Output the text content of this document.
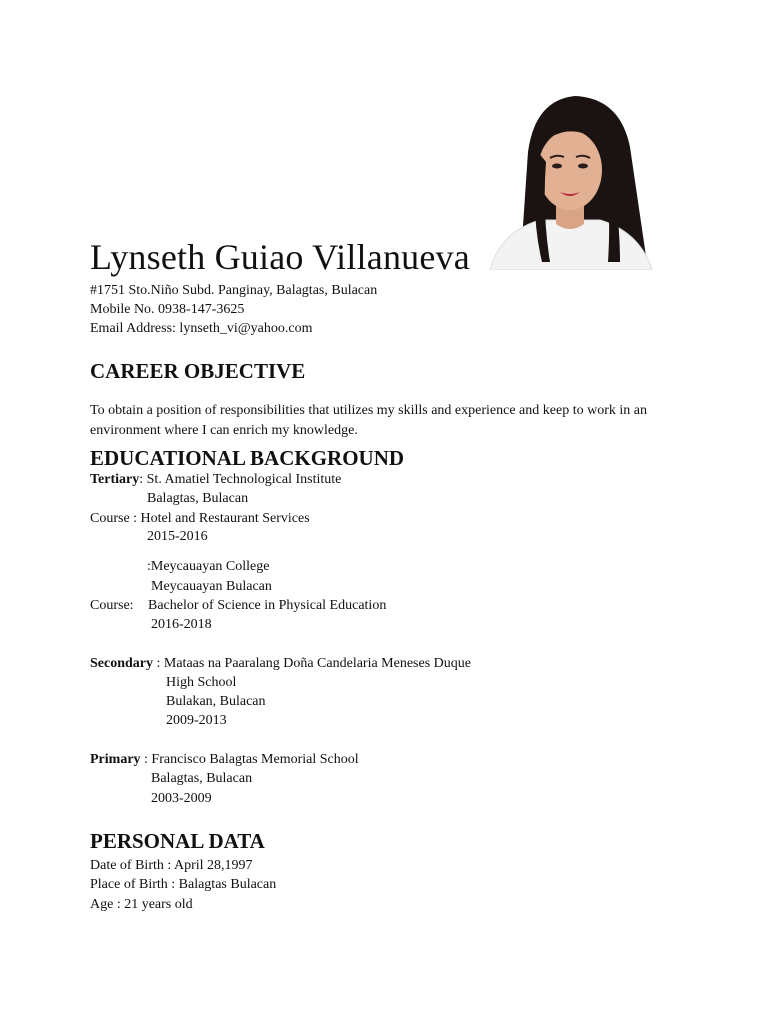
Lynseth Guiao Villanueva

#1751 Sto.Niño Subd. Panginay, Balagtas, Bulacan

Mobile No. 0938-147-3625

Email Address: lynseth_vi@yahoo.com

CAREER OBJECTIVE

To obtain a position of responsibilities that utilizes my skills and experience and keep to work in an environment where I can enrich my knowledge.

EDUCATIONAL BACKGROUND

Tertiary: St. Amatiel Technological Institute

Balagtas, Bulacan

Course : Hotel and Restaurant Services

2015-2016

:Meycauayan College

Meycauayan Bulacan

Course: Bachelor of Science in Physical Education

2016-2018

Secondary : Mataas na Paaralang Doña Candelaria Meneses Duque

High School

Bulakan, Bulacan

2009-2013

Primary : Francisco Balagtas Memorial School

Balagtas, Bulacan

2003-2009

PERSONAL DATA

Date of Birth : April 28,1997

Place of Birth : Balagtas Bulacan

Age : 21 years old
